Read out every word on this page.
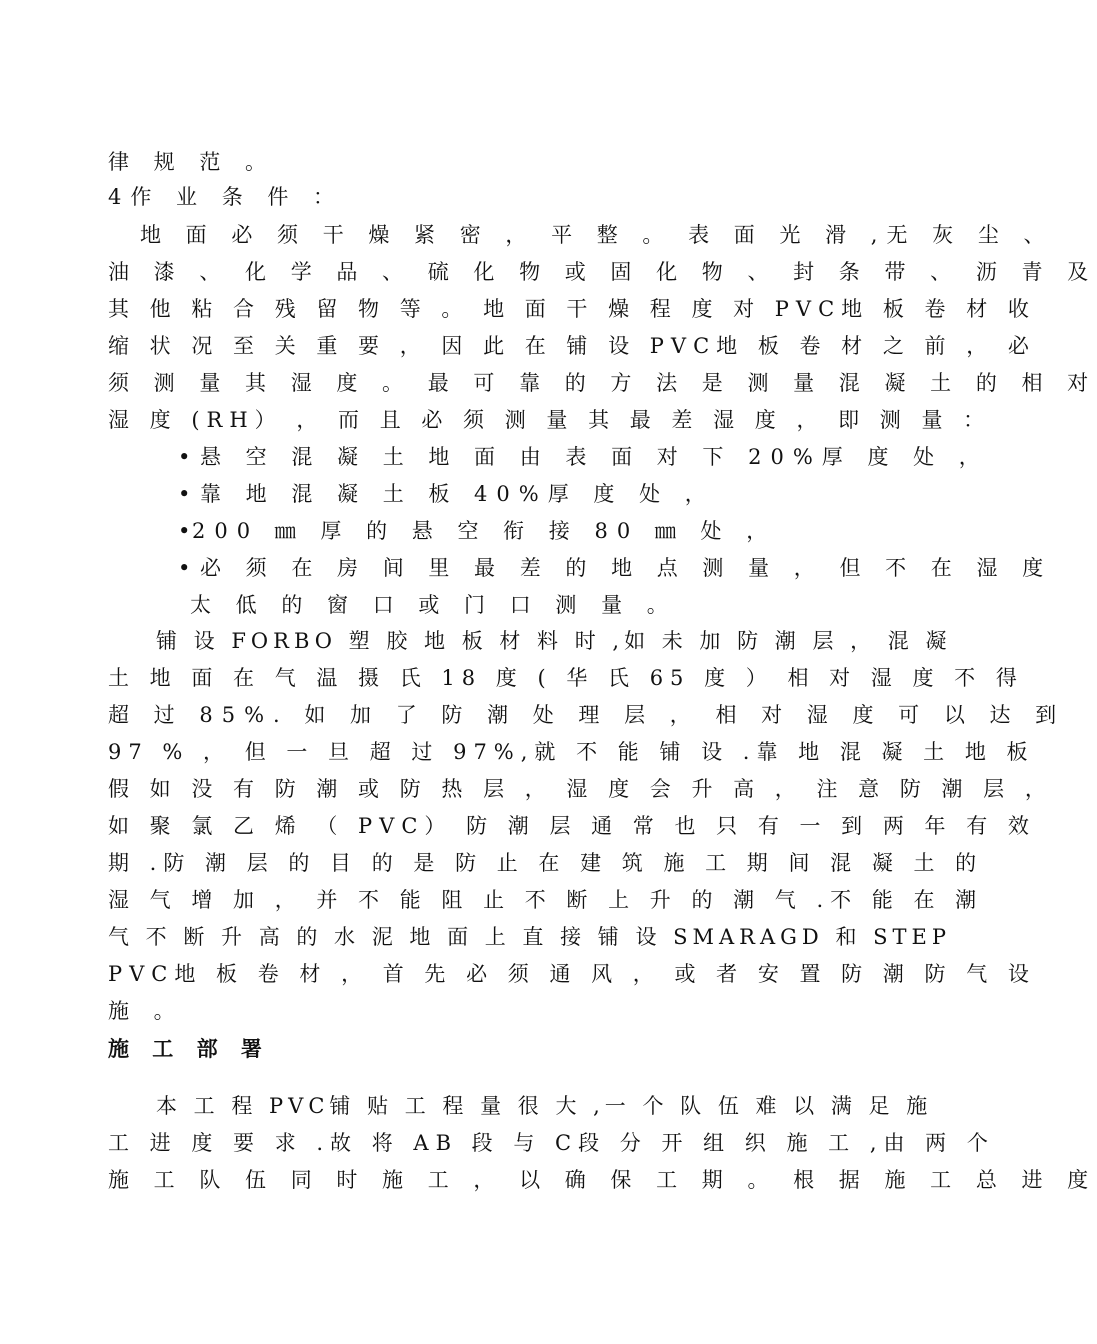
律 规 范 。
4作 业 条 件 ：
地 面 必 须 干 燥 紧 密 ， 平 整 。 表 面 光 滑 ,无 灰 尘 、
油 漆 、 化 学 品 、 硫 化 物 或 固 化 物 、 封 条 带 、 沥 青 及
其 他 粘 合 残 留 物 等 。 地 面 干 燥 程 度 对 PVC地 板 卷 材 收
缩 状 况 至 关 重 要 ， 因 此 在 铺 设 PVC地 板 卷 材 之 前 ， 必
须 测 量 其 湿 度 。 最 可 靠 的 方 法 是 测 量 混 凝 土 的 相 对
湿 度 (RH） ， 而 且 必 须 测 量 其 最 差 湿 度 ， 即 测 量 ：
• 悬 空 混 凝 土 地 面 由 表 面 对 下 20%厚 度 处 ，
• 靠 地 混 凝 土 板 40%厚 度 处 ，
•200 ㎜ 厚 的 悬 空 衔 接 80 ㎜ 处 ，
• 必 须 在 房 间 里 最 差 的 地 点 测 量 ， 但 不 在 湿 度
太 低 的 窗 口 或 门 口 测 量 。
铺 设 FORBO 塑 胶 地 板 材 料 时 ,如 未 加 防 潮 层 ， 混 凝
土 地 面 在 气 温 摄 氏 18 度 ( 华 氏 65 度 ） 相 对 湿 度 不 得
超 过 85%. 如 加 了 防 潮 处 理 层 ， 相 对 湿 度 可 以 达 到
97 % ， 但 一 旦 超 过 97%,就 不 能 铺 设 .靠 地 混 凝 土 地 板
假 如 没 有 防 潮 或 防 热 层 ， 湿 度 会 升 高 ， 注 意 防 潮 层 ，
如 聚 氯 乙 烯 （ PVC） 防 潮 层 通 常 也 只 有 一 到 两 年 有 效
期 .防 潮 层 的 目 的 是 防 止 在 建 筑 施 工 期 间 混 凝 土 的
湿 气 增 加 ， 并 不 能 阻 止 不 断 上 升 的 潮 气 .不 能 在 潮
气 不 断 升 高 的 水 泥 地 面 上 直 接 铺 设 SMARAGD 和 STEP
PVC地 板 卷 材 ， 首 先 必 须 通 风 ， 或 者 安 置 防 潮 防 气 设
施 。
施 工 部 署
本 工 程 PVC铺 贴 工 程 量 很 大 ,一 个 队 伍 难 以 满 足 施
工 进 度 要 求 .故 将 AB 段 与 C段 分 开 组 织 施 工 ,由 两 个
施 工 队 伍 同 时 施 工 ， 以 确 保 工 期 。 根 据 施 工 总 进 度
